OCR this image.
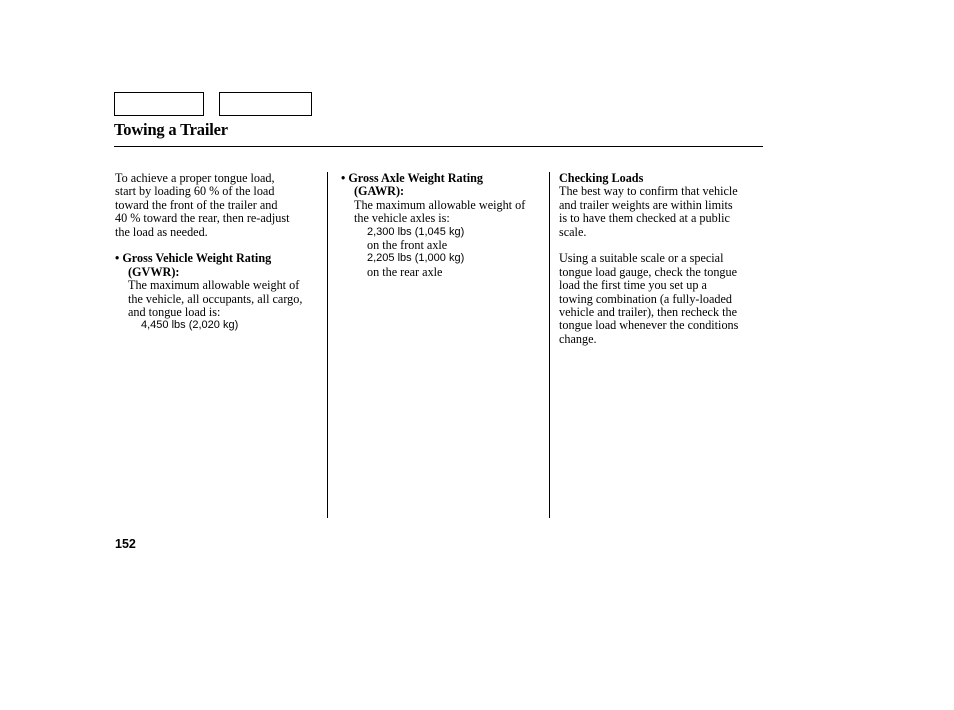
Towing a Trailer

To achieve a proper tongue load,

start by loading 60 % of the load

toward the front of the trailer and

40 % toward the rear, then re-adjust

the load as needed.

• Gross Vehicle Weight Rating

(GVWR):

The maximum allowable weight of

the vehicle, all occupants, all cargo,

and tongue load is:

4,450 lbs (2,020 kg)

• Gross Axle Weight Rating

(GAWR):

The maximum allowable weight of

the vehicle axles is:

2,300 lbs (1,045 kg)

on the front axle

2,205 lbs (1,000 kg)

on the rear axle

Checking Loads

The best way to confirm that vehicle

and trailer weights are within limits

is to have them checked at a public

scale.

Using a suitable scale or a special

tongue load gauge, check the tongue

load the first time you set up a

towing combination (a fully-loaded

vehicle and trailer), then recheck the

tongue load whenever the conditions

change.

152
